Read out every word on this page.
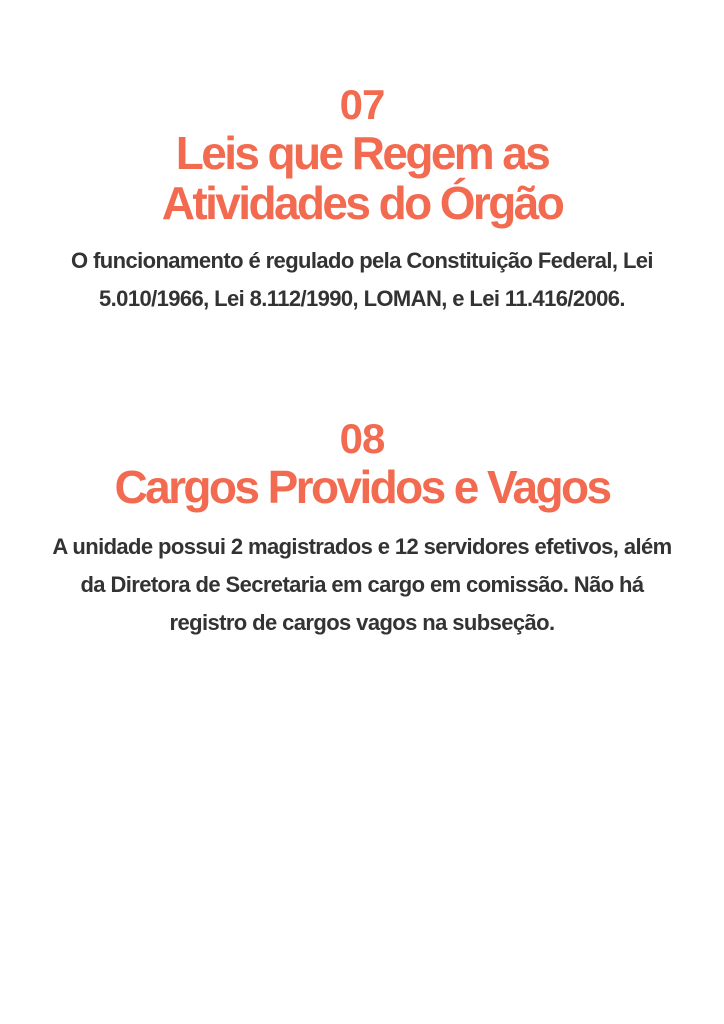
07
Leis que Regem as Atividades do Órgão

O funcionamento é regulado pela Constituição Federal, Lei 5.010/1966, Lei 8.112/1990, LOMAN, e Lei 11.416/2006.

08
Cargos Providos e Vagos

A unidade possui 2 magistrados e 12 servidores efetivos, além da Diretora de Secretaria em cargo em comissão. Não há registro de cargos vagos na subseção.
